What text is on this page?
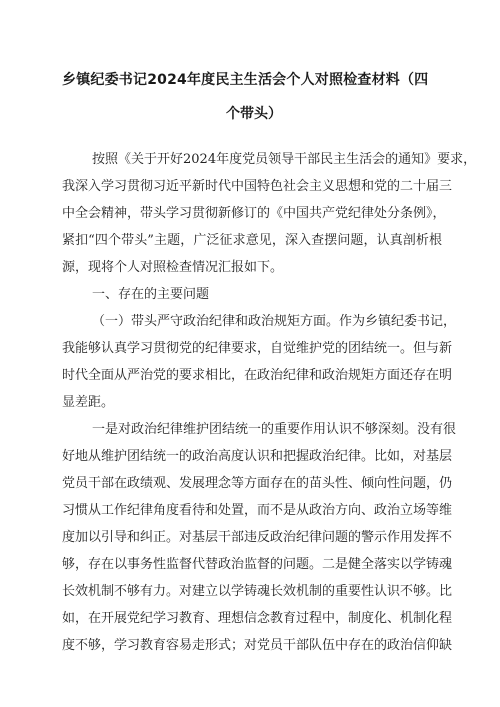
乡镇纪委书记2024年度民主生活会个人对照检查材料（四
个带头）
按照《关于开好2024年度党员领导干部民主生活会的通知》要求，
我深入学习贯彻习近平新时代中国特色社会主义思想和党的二十届三
中全会精神，带头学习贯彻新修订的《中国共产党纪律处分条例》，
紧扣“四个带头”主题，广泛征求意见，深入查摆问题，认真剖析根
源，现将个人对照检查情况汇报如下。
一、存在的主要问题
（一）带头严守政治纪律和政治规矩方面。作为乡镇纪委书记，
我能够认真学习贯彻党的纪律要求，自觉维护党的团结统一。但与新
时代全面从严治党的要求相比，在政治纪律和政治规矩方面还存在明
显差距。
一是对政治纪律维护团结统一的重要作用认识不够深刻。没有很
好地从维护团结统一的政治高度认识和把握政治纪律。比如，对基层
党员干部在政绩观、发展理念等方面存在的苗头性、倾向性问题，仍
习惯从工作纪律角度看待和处置，而不是从政治方向、政治立场等维
度加以引导和纠正。对基层干部违反政治纪律问题的警示作用发挥不
够，存在以事务性监督代替政治监督的问题。二是健全落实以学铸魂
长效机制不够有力。对建立以学铸魂长效机制的重要性认识不够。比
如，在开展党纪学习教育、理想信念教育过程中，制度化、机制化程
度不够，学习教育容易走形式；对党员干部队伍中存在的政治信仰缺
